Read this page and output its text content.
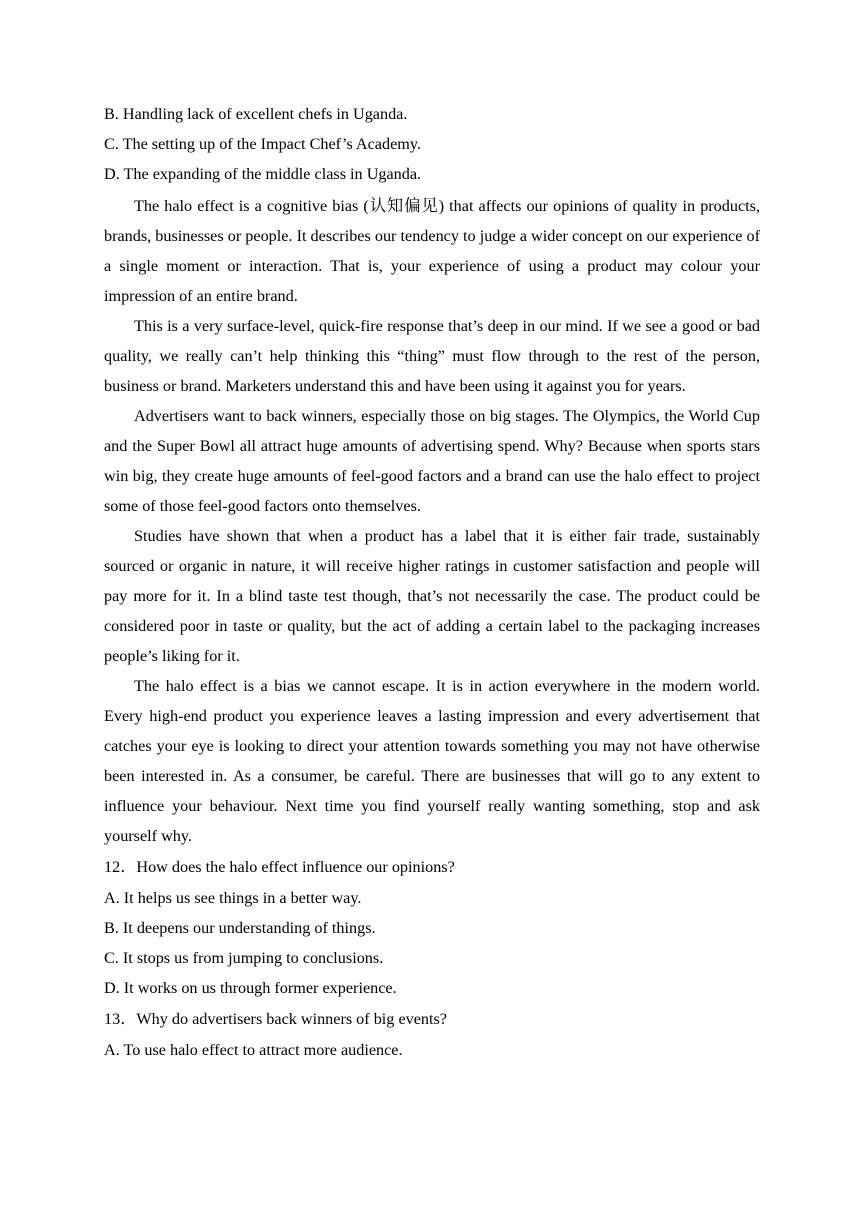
B. Handling lack of excellent chefs in Uganda.
C. The setting up of the Impact Chef’s Academy.
D. The expanding of the middle class in Uganda.

The halo effect is a cognitive bias (认知偏见) that affects our opinions of quality in products, brands, businesses or people. It describes our tendency to judge a wider concept on our experience of a single moment or interaction. That is, your experience of using a product may colour your impression of an entire brand.

This is a very surface-level, quick-fire response that’s deep in our mind. If we see a good or bad quality, we really can’t help thinking this “thing” must flow through to the rest of the person, business or brand. Marketers understand this and have been using it against you for years.

Advertisers want to back winners, especially those on big stages. The Olympics, the World Cup and the Super Bowl all attract huge amounts of advertising spend. Why? Because when sports stars win big, they create huge amounts of feel-good factors and a brand can use the halo effect to project some of those feel-good factors onto themselves.

Studies have shown that when a product has a label that it is either fair trade, sustainably sourced or organic in nature, it will receive higher ratings in customer satisfaction and people will pay more for it. In a blind taste test though, that’s not necessarily the case. The product could be considered poor in taste or quality, but the act of adding a certain label to the packaging increases people’s liking for it.

The halo effect is a bias we cannot escape. It is in action everywhere in the modern world. Every high-end product you experience leaves a lasting impression and every advertisement that catches your eye is looking to direct your attention towards something you may not have otherwise been interested in. As a consumer, be careful. There are businesses that will go to any extent to influence your behaviour. Next time you find yourself really wanting something, stop and ask yourself why.

12．How does the halo effect influence our opinions?
A. It helps us see things in a better way.
B. It deepens our understanding of things.
C. It stops us from jumping to conclusions.
D. It works on us through former experience.
13．Why do advertisers back winners of big events?
A. To use halo effect to attract more audience.
